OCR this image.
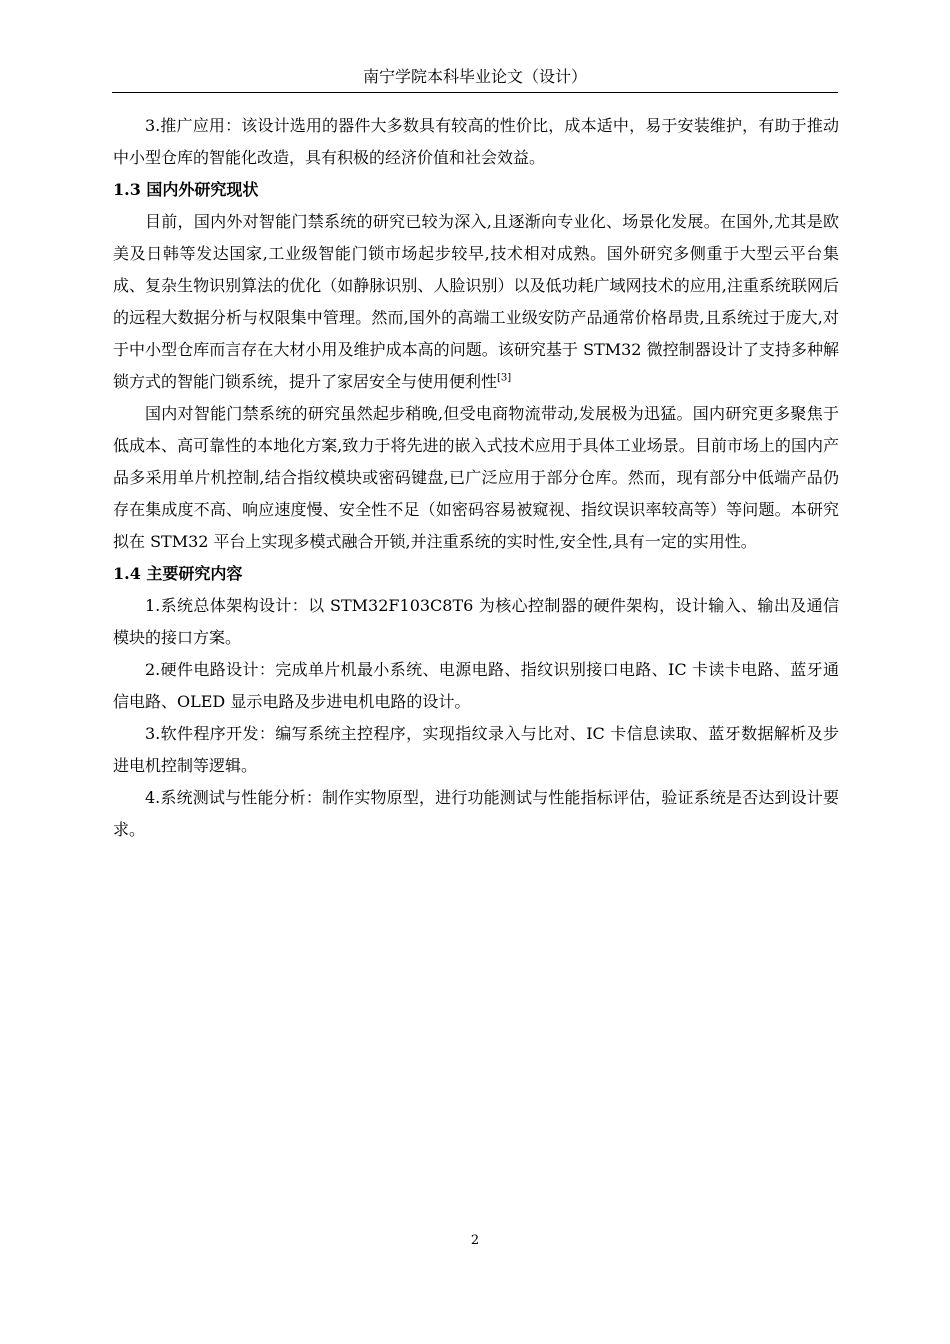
南宁学院本科毕业论文（设计）

3.推广应用：该设计选用的器件大多数具有较高的性价比，成本适中，易于安装维护，有助于推动中小型仓库的智能化改造，具有积极的经济价值和社会效益。

1.3 国内外研究现状

目前，国内外对智能门禁系统的研究已较为深入,且逐渐向专业化、场景化发展。在国外,尤其是欧美及日韩等发达国家,工业级智能门锁市场起步较早,技术相对成熟。国外研究多侧重于大型云平台集成、复杂生物识别算法的优化（如静脉识别、人脸识别）以及低功耗广域网技术的应用,注重系统联网后的远程大数据分析与权限集中管理。然而,国外的高端工业级安防产品通常价格昂贵,且系统过于庞大,对于中小型仓库而言存在大材小用及维护成本高的问题。该研究基于 STM32 微控制器设计了支持多种解锁方式的智能门锁系统，提升了家居安全与使用便利性[3]

国内对智能门禁系统的研究虽然起步稍晚,但受电商物流带动,发展极为迅猛。国内研究更多聚焦于低成本、高可靠性的本地化方案,致力于将先进的嵌入式技术应用于具体工业场景。目前市场上的国内产品多采用单片机控制,结合指纹模块或密码键盘,已广泛应用于部分仓库。然而，现有部分中低端产品仍存在集成度不高、响应速度慢、安全性不足（如密码容易被窥视、指纹误识率较高等）等问题。本研究拟在 STM32 平台上实现多模式融合开锁,并注重系统的实时性,安全性,具有一定的实用性。

1.4 主要研究内容

1.系统总体架构设计：以 STM32F103C8T6 为核心控制器的硬件架构，设计输入、输出及通信模块的接口方案。

2.硬件电路设计：完成单片机最小系统、电源电路、指纹识别接口电路、IC 卡读卡电路、蓝牙通信电路、OLED 显示电路及步进电机电路的设计。

3.软件程序开发：编写系统主控程序，实现指纹录入与比对、IC 卡信息读取、蓝牙数据解析及步进电机控制等逻辑。

4.系统测试与性能分析：制作实物原型，进行功能测试与性能指标评估，验证系统是否达到设计要求。

2
